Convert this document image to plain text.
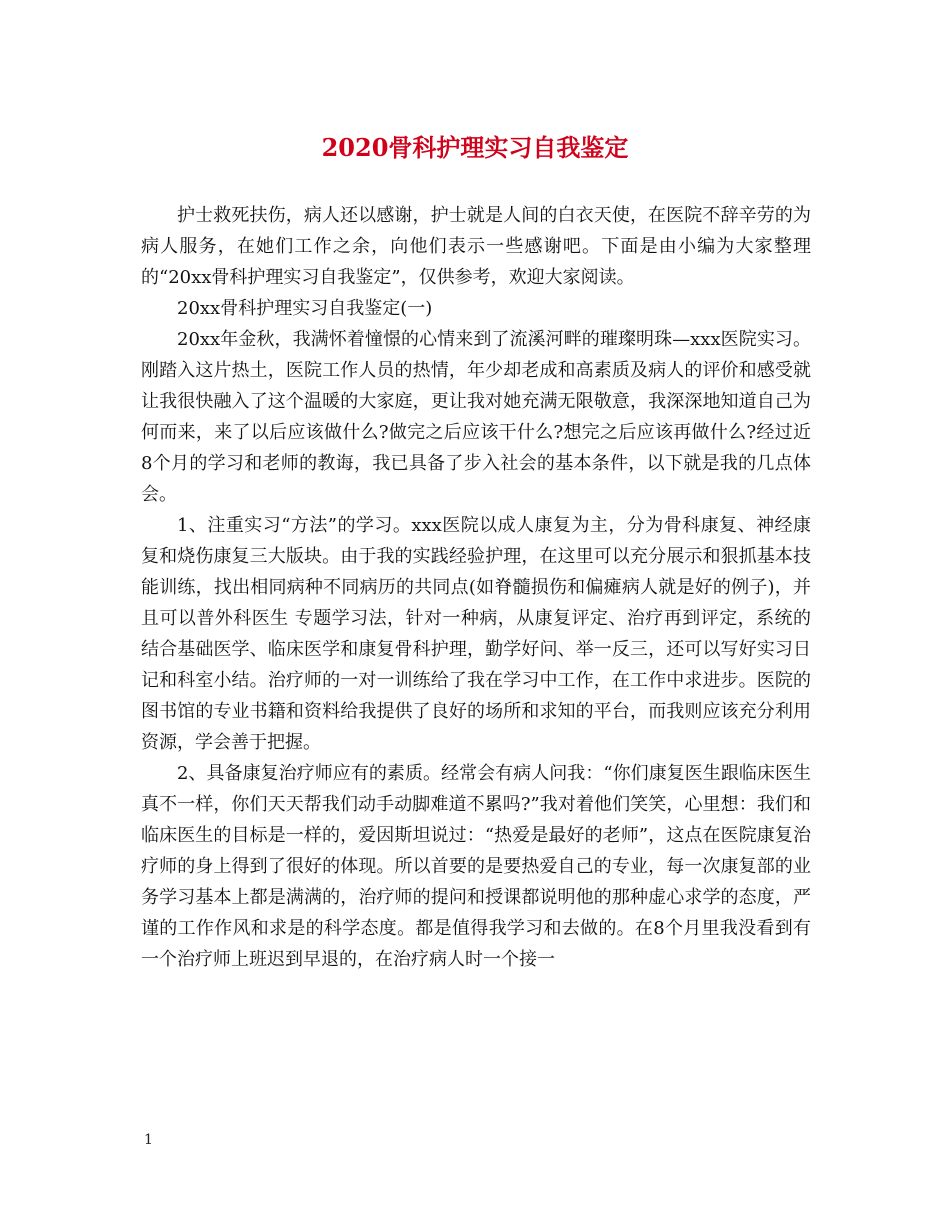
2020骨科护理实习自我鉴定

护士救死扶伤，病人还以感谢，护士就是人间的白衣天使，在医院不辞辛劳的为病人服务，在她们工作之余，向他们表示一些感谢吧。下面是由小编为大家整理的“20xx骨科护理实习自我鉴定”，仅供参考，欢迎大家阅读。

20xx骨科护理实习自我鉴定(一)

20xx年金秋，我满怀着憧憬的心情来到了流溪河畔的璀璨明珠—xxx医院实习。刚踏入这片热土，医院工作人员的热情，年少却老成和高素质及病人的评价和感受就让我很快融入了这个温暖的大家庭，更让我对她充满无限敬意，我深深地知道自己为何而来，来了以后应该做什么?做完之后应该干什么?想完之后应该再做什么?经过近8个月的学习和老师的教诲，我已具备了步入社会的基本条件，以下就是我的几点体会。

1、注重实习“方法”的学习。xxx医院以成人康复为主，分为骨科康复、神经康复和烧伤康复三大版块。由于我的实践经验护理，在这里可以充分展示和狠抓基本技能训练，找出相同病种不同病历的共同点(如脊髓损伤和偏瘫病人就是好的例子)，并且可以普外科医生 专题学习法，针对一种病，从康复评定、治疗再到评定，系统的结合基础医学、临床医学和康复骨科护理，勤学好问、举一反三，还可以写好实习日记和科室小结。治疗师的一对一训练给了我在学习中工作，在工作中求进步。医院的图书馆的专业书籍和资料给我提供了良好的场所和求知的平台，而我则应该充分利用资源，学会善于把握。

2、具备康复治疗师应有的素质。经常会有病人问我：“你们康复医生跟临床医生真不一样，你们天天帮我们动手动脚难道不累吗?”我对着他们笑笑，心里想：我们和临床医生的目标是一样的，爱因斯坦说过：“热爱是最好的老师”，这点在医院康复治疗师的身上得到了很好的体现。所以首要的是要热爱自己的专业，每一次康复部的业务学习基本上都是满满的，治疗师的提问和授课都说明他的那种虚心求学的态度，严谨的工作作风和求是的科学态度。都是值得我学习和去做的。在8个月里我没看到有一个治疗师上班迟到早退的，在治疗病人时一个接一

1
